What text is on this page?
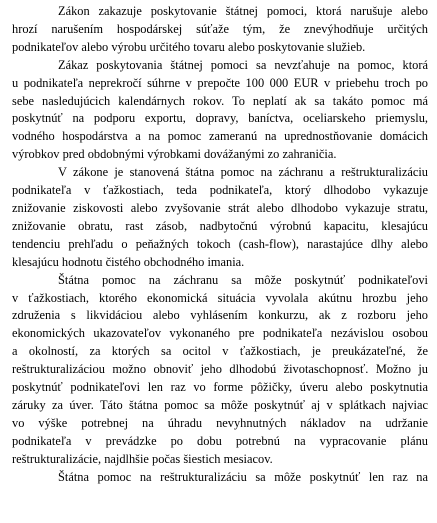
Zákon zakazuje poskytovanie štátnej pomoci, ktorá narušuje alebo
hrozí narušením hospodárskej súťaže tým, že znevýhodňuje určitých
podnikateľov alebo výrobu určitého tovaru alebo poskytovanie služieb.
Zákaz poskytovania štátnej pomoci sa nevzťahuje na pomoc, ktorá
u podnikateľa neprekročí súhrne v prepočte 100 000 EUR v priebehu troch po
sebe nasledujúcich kalendárnych rokov. To neplatí ak sa takáto pomoc má
poskytnúť na podporu exportu, dopravy, baníctva, oceliarskeho priemyslu,
vodného hospodárstva a na pomoc zameranú na uprednostňovanie domácich
výrobkov pred obdobnými výrobkami dovážanými zo zahraničia.
V zákone je stanovená štátna pomoc na záchranu a reštrukturalizáciu
podnikateľa v ťažkostiach, teda podnikateľa, ktorý dlhodobo vykazuje
znižovanie ziskovosti alebo zvyšovanie strát alebo dlhodobo vykazuje stratu,
znižovanie obratu, rast zásob, nadbytočnú výrobnú kapacitu, klesajúcu
tendenciu prehľadu o peňažných tokoch (cash-flow), narastajúce dlhy alebo
klesajúcu hodnotu čistého obchodného imania.
Štátna pomoc na záchranu sa môže poskytnúť podnikateľovi
v ťažkostiach, ktorého ekonomická situácia vyvolala akútnu hrozbu jeho
združenia s likvidáciou alebo vyhlásením konkurzu, ak z rozboru jeho
ekonomických ukazovateľov vykonaného pre podnikateľa nezávislou osobou
a okolností, za ktorých sa ocitol v ťažkostiach, je preukázateľné, že
reštrukturalizáciou možno obnoviť jeho dlhodobú životaschopnosť. Možno ju
poskytnúť podnikateľovi len raz vo forme pôžičky, úveru alebo poskytnutia
záruky za úver. Táto štátna pomoc sa môže poskytnúť aj v splátkach najviac
vo výške potrebnej na úhradu nevyhnutných nákladov na udržanie
podnikateľa v prevádzke po dobu potrebnú na vypracovanie plánu
reštrukturalizácie, najdlhšie počas šiestich mesiacov.
Štátna pomoc na reštrukturalizáciu sa môže poskytnúť len raz na
